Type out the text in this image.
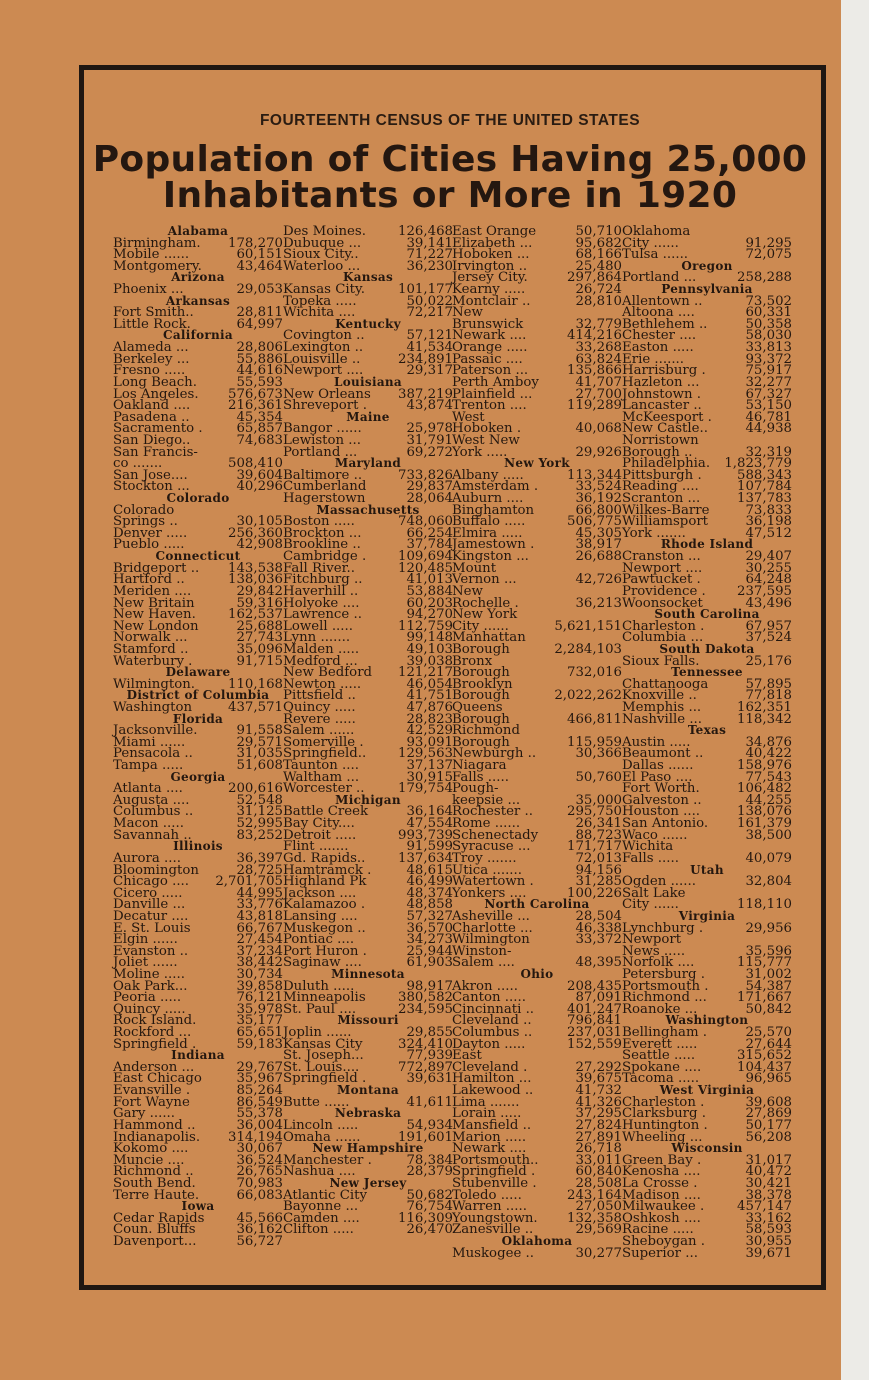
FOURTEENTH CENSUS OF THE UNITED STATES
Population of Cities Having 25,000
Inhabitants or More in 1920
Alabama
Birmingham. 178,270
Mobile ......	60,151
Montgomery.	43,464
Arizona
Phoenix ...	29,053
Arkansas
Fort Smith..	28,811
Little Rock.	64,997
California
Alameda ...	28,806
Berkeley ...	55,886
Fresno .....	44,616
Long Beach.	55,593
Los Angeles. 576,673
Oakland ....	216,361
Pasadena ..	45,354
Sacramento .	65,857
San Diego..	74,683
San Francis-
co .......	508,410
San Jose....	39,604
Stockton ...	40,296
Colorado
Colorado
Springs ..	30,105
Denver .....	256,360
Pueblo .....	42,908
Connecticut
Bridgeport .. 143,538
Hartford ..	138,036
Meriden ....	29,842
New Britain	59,316
New Haven. 162,537
New London	25,688
Norwalk ...	27,743
Stamford ..	35,096
Waterbury .	91,715
Delaware
Wilmington. 110,168
District of Columbia
Washington	437,571
Florida
Jacksonville.	91,558
Miami ......	29,571
Pensacola ..	31,035
Tampa .....	51,608
Georgia
Atlanta ....	200,616
Augusta ....	52,548
Columbus ..	31,125
Macon .....	52,995
Savannah ..	83,252
Illinois
Aurora ....	36,397
Bloomington	28,725
Chicago .... 2,701,705
Cicero .....	44,995
Danville ...	33,776
Decatur ....	43,818
E. St. Louis	66,767
Elgin ......	27,454
Evanston ..	37,234
Joliet ......	38,442
Moline .....	30,734
Oak Park...	39,858
Peoria .....	76,121
Quincy .....	35,978
Rock Island.	35,177
Rockford ...	65,651
Springfield .	59,183
Indiana
Anderson ...	29,767
East Chicago	35,967
Evansville .	85,264
Fort Wayne	86,549
Gary ......	55,378
Hammond ..	36,004
Indianapolis. 314,194
Kokomo ....	30,067
Muncie ....	36,524
Richmond ..	26,765
South Bend.	70,983
Terre Haute.	66,083
Iowa
Cedar Rapids 45,566
Coun. Bluffs	36,162
Davenport...	56,727
Des Moines. 126,468
Dubuque ...	39,141
Sioux City..	71,227
Waterloo ...	36,230
Kansas
Kansas City. 101,177
Topeka .....	50,022
Wichita ....	72,217
Kentucky
Covington ..	57,121
Lexington ..	41,534
Louisville ..	234,891
Newport ....	29,317
Louisiana
New Orleans 387,219
Shreveport .	43,874
Maine
Bangor ......	25,978
Lewiston ...	31,791
Portland ...	69,272
Maryland
Baltimore ..	733,826
Cumberland	29,837
Hagerstown	28,064
Massachusetts
Boston .....	748,060
Brockton ...	66,254
Brookline ..	37,784
Cambridge . 109,694
Fall River..	120,485
Fitchburg ..	41,013
Haverhill ..	53,884
Holyoke ....	60,203
Lawrence ..	94,270
Lowell .....	112,759
Lynn .......	99,148
Malden .....	49,103
Medford ...	39,038
New Bedford 121,217
Newton .....	46,054
Pittsfield ..	41,751
Quincy .....	47,876
Revere .....	28,823
Salem ......	42,529
Somerville .	93,091
Springfield.. 129,563
Taunton ....	37,137
Waltham ...	30,915
Worcester ..	179,754
Michigan
Battle Creek	36,164
Bay City....	47,554
Detroit .....	993,739
Flint .......	91,599
Gd. Rapids.. 137,634
Hamtramck .	48,615
Highland Pk	46,499
Jackson ....	48,374
Kalamazoo .	48,858
Lansing ....	57,327
Muskegon ..	36,570
Pontiac ....	34,273
Port Huron .	25,944
Saginaw ....	61,903
Minnesota
Duluth .....	98,917
Minneapolis 380,582
St. Paul ....	234,595
Missouri
Joplin ......	29,855
Kansas City	324,410
St. Joseph...	77,939
St. Louis....	772,897
Springfield .	39,631
Montana
Butte ......	41,611
Nebraska
Lincoln .....	54,934
Omaha ......	191,601
New Hampshire
Manchester .	78,384
Nashua ....	28,379
New Jersey
Atlantic City	50,682
Bayonne ...	76,754
Camden ....	116,309
Clifton .....	26,470
East Orange	50,710
Elizabeth ...	95,682
Hoboken ...	68,166
Irvington ..	25,480
Jersey City.	297,864
Kearny .....	26,724
Montclair ..	28,810
New
Brunswick	32,779
Newark ....	414,216
Orange .....	33,268
Passaic ....	63,824
Paterson ...	135,866
Perth Amboy	41,707
Plainfield ...	27,700
Trenton ....	119,289
West
Hoboken .	40,068
West New
York .....	29,926
New York
Albany .....	113,344
Amsterdam .	33,524
Auburn ....	36,192
Binghamton	66,800
Buffalo .....	506,775
Elmira .....	45,305
Jamestown .	38,917
Kingston ...	26,688
Mount
Vernon ...	42,726
New
Rochelle .	36,213
New York
City ......	5,621,151
Manhattan
Borough	2,284,103
Bronx
Borough	732,016
Brooklyn
Borough	2,022,262
Queens
Borough	466,811
Richmond
Borough	115,959
Newburgh ..	30,366
Niagara
Falls .....	50,760
Pough-
keepsie ...	35,000
Rochester ..	295,750
Rome ......	26,341
Schenectady	88,723
Syracuse ...	171,717
Troy .......	72,013
Utica .......	94,156
Watertown .	31,285
Yonkers ....	100,226
North Carolina
Asheville ...	28,504
Charlotte ...	46,338
Wilmington	33,372
Winston-
Salem ....	48,395
Ohio
Akron .....	208,435
Canton .....	87,091
Cincinnati .. 401,247
Cleveland ..	796,841
Columbus ..	237,031
Dayton .....	152,559
East
Cleveland .	27,292
Hamilton ...	39,675
Lakewood ..	41,732
Lima .......	41,326
Lorain .....	37,295
Mansfield ..	27,824
Marion .....	27,891
Newark ....	26,718
Portsmouth..	33,011
Springfield .	60,840
Stubenville .	28,508
Toledo .....	243,164
Warren .....	27,050
Youngstown. 132,358
Zanesville ..	29,569
Oklahoma
Muskogee ..	30,277
Oklahoma
City ......	91,295
Tulsa ......	72,075
Oregon
Portland ...	258,288
Pennsylvania
Allentown ..	73,502
Altoona ....	60,331
Bethlehem ..	50,358
Chester ....	58,030
Easton .....	33,813
Erie .......	93,372
Harrisburg .	75,917
Hazleton ...	32,277
Johnstown .	67,327
Lancaster ..	53,150
McKeesport .	46,781
New Castle..	44,938
Norristown
Borough ..	32,319
Philadelphia. 1,823,779
Pittsburgh .	588,343
Reading ....	107,784
Scranton ...	137,783
Wilkes-Barre	73,833
Williamsport	36,198
York .......	47,512
Rhode Island
Cranston ...	29,407
Newport ....	30,255
Pawtucket .	64,248
Providence . 237,595
Woonsocket	43,496
South Carolina
Charleston .	67,957
Columbia ...	37,524
South Dakota
Sioux Falls.	25,176
Tennessee
Chattanooga	57,895
Knoxville ..	77,818
Memphis ...	162,351
Nashville ...	118,342
Texas
Austin .....	34,876
Beaumont ..	40,422
Dallas ......	158,976
El Paso ....	77,543
Fort Worth.	106,482
Galveston ..	44,255
Houston ....	138,076
San Antonio. 161,379
Waco ......	38,500
Wichita
Falls .....	40,079
Utah
Ogden ......	32,804
Salt Lake
City ......	118,110
Virginia
Lynchburg .	29,956
Newport
News .....	35,596
Norfolk ....	115,777
Petersburg .	31,002
Portsmouth .	54,387
Richmond ... 171,667
Roanoke ...	50,842
Washington
Bellingham .	25,570
Everett .....	27,644
Seattle .....	315,652
Spokane ....	104,437
Tacoma .....	96,965
West Virginia
Charleston .	39,608
Clarksburg .	27,869
Huntington .	50,177
Wheeling ...	56,208
Wisconsin
Green Bay .	31,017
Kenosha ....	40,472
La Crosse .	30,421
Madison ....	38,378
Milwaukee . 457,147
Oshkosh ....	33,162
Racine .....	58,593
Sheboygan .	30,955
Superior ...	39,671
